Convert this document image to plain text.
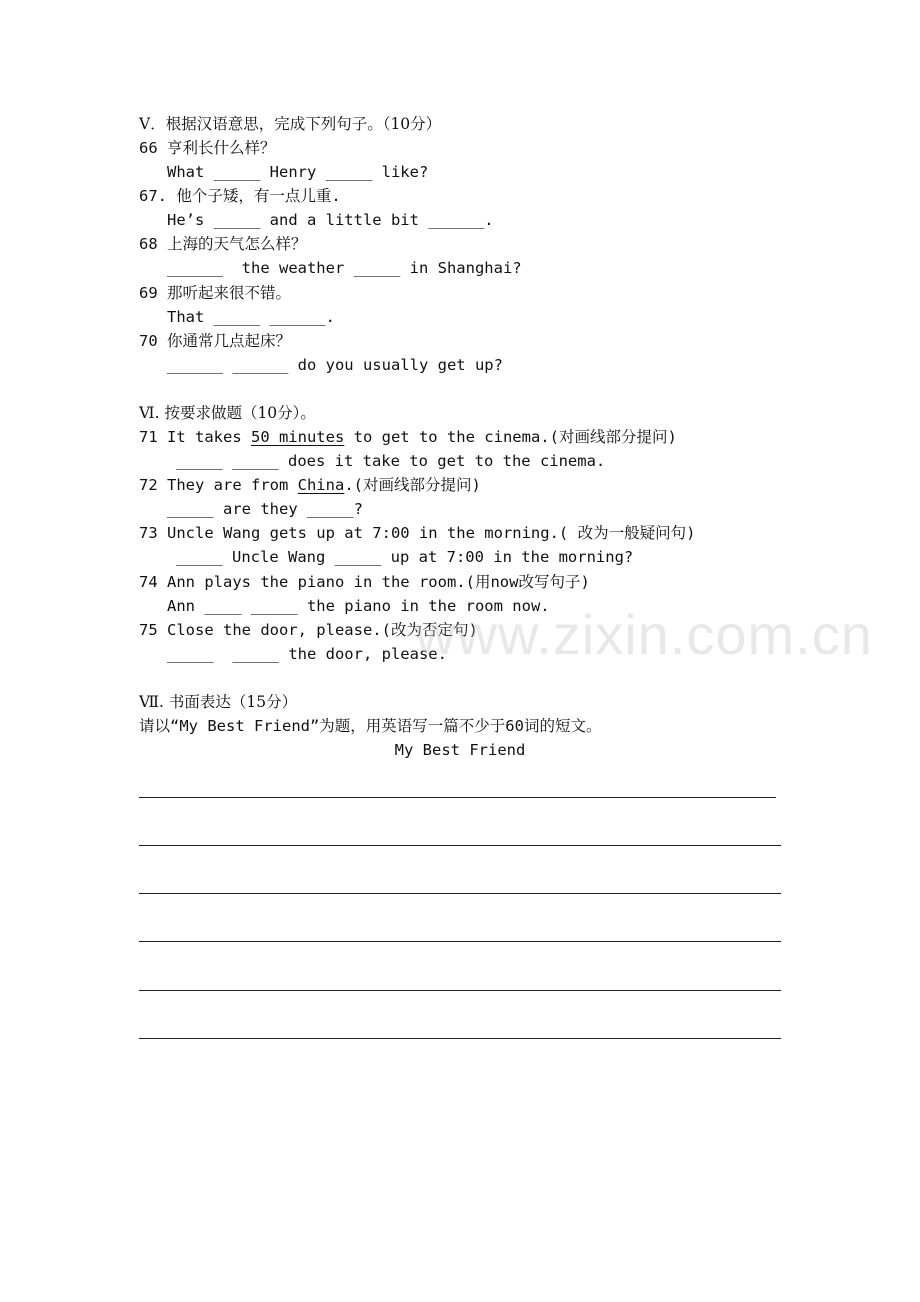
Ⅴ．根据汉语意思，完成下列句子。（10分）
66 亨利长什么样？
What _____ Henry _____ like?
67. 他个子矮，有一点儿重.
He’s _____ and a little bit ______.
68 上海的天气怎么样？
______  the weather _____ in Shanghai?
69 那听起来很不错。
That _____ ______.
70 你通常几点起床？
______ ______ do you usually get up?
Ⅵ. 按要求做题（10分）。
71 It takes 50 minutes to get to the cinema.(对画线部分提问)
_____ _____ does it take to get to the cinema.
72 They are from China.(对画线部分提问)
_____ are they _____?
73 Uncle Wang gets up at 7:00 in the morning.( 改为一般疑问句)
_____ Uncle Wang _____ up at 7:00 in the morning?
74 Ann plays the piano in the room.(用now改写句子)
Ann ____ _____ the piano in the room now.
75 Close the door, please.(改为否定句)
_____  _____ the door, please.
Ⅶ. 书面表达（15分）
请以“My Best Friend”为题，用英语写一篇不少于60词的短文。
My Best Friend
www.zixin.com.cn
